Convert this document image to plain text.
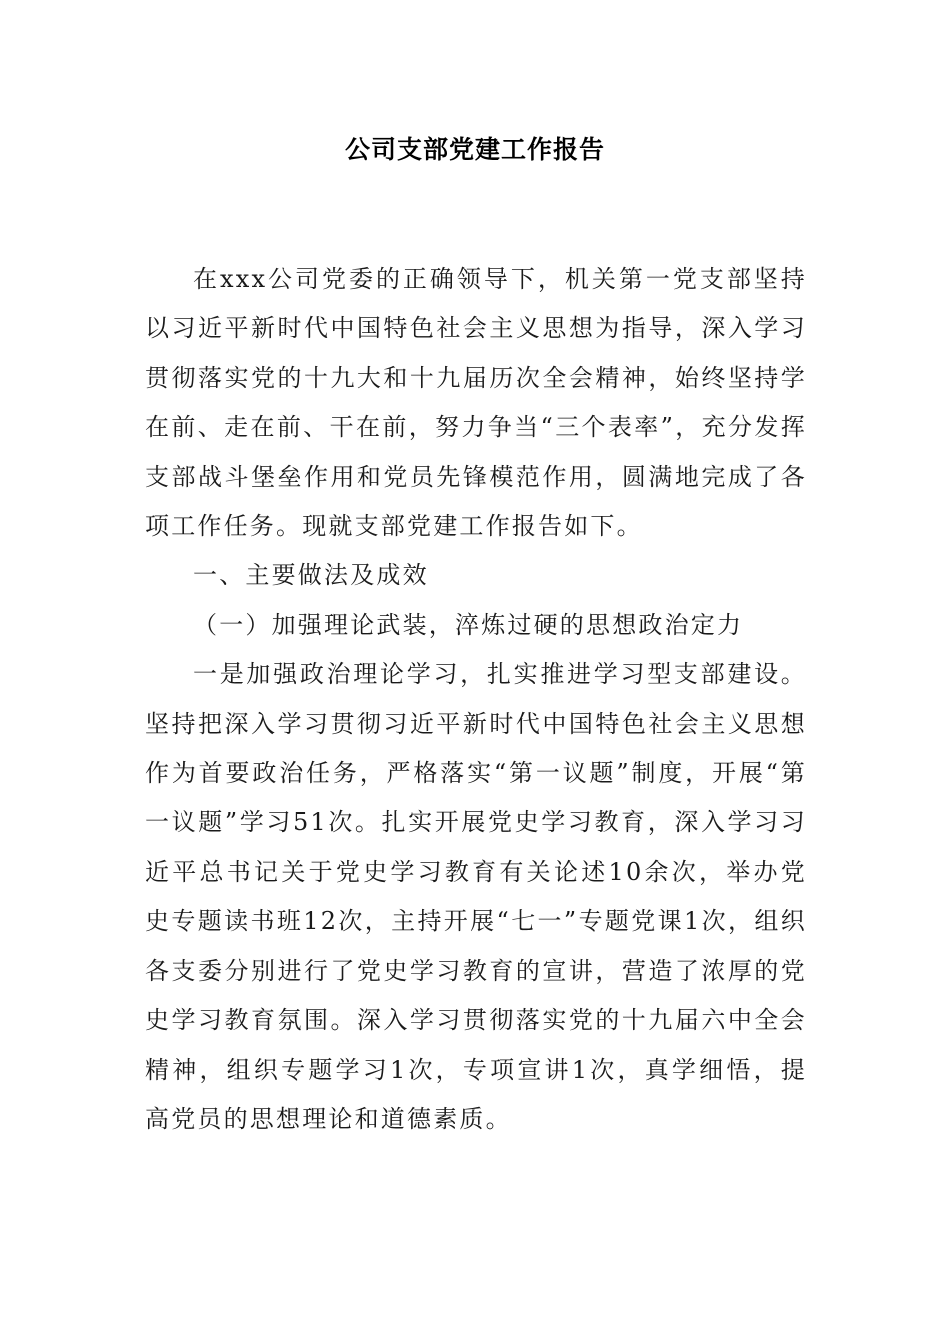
公司支部党建工作报告

在xxx公司党委的正确领导下，机关第一党支部坚持以习近平新时代中国特色社会主义思想为指导，深入学习贯彻落实党的十九大和十九届历次全会精神，始终坚持学在前、走在前、干在前，努力争当“三个表率”，充分发挥支部战斗堡垒作用和党员先锋模范作用，圆满地完成了各项工作任务。现就支部党建工作报告如下。

一、主要做法及成效

（一）加强理论武装，淬炼过硬的思想政治定力

一是加强政治理论学习，扎实推进学习型支部建设。坚持把深入学习贯彻习近平新时代中国特色社会主义思想作为首要政治任务，严格落实“第一议题”制度，开展“第一议题”学习51次。扎实开展党史学习教育，深入学习习近平总书记关于党史学习教育有关论述10余次，举办党史专题读书班12次，主持开展“七一”专题党课1次，组织各支委分别进行了党史学习教育的宣讲，营造了浓厚的党史学习教育氛围。深入学习贯彻落实党的十九届六中全会精神，组织专题学习1次，专项宣讲1次，真学细悟，提高党员的思想理论和道德素质。
